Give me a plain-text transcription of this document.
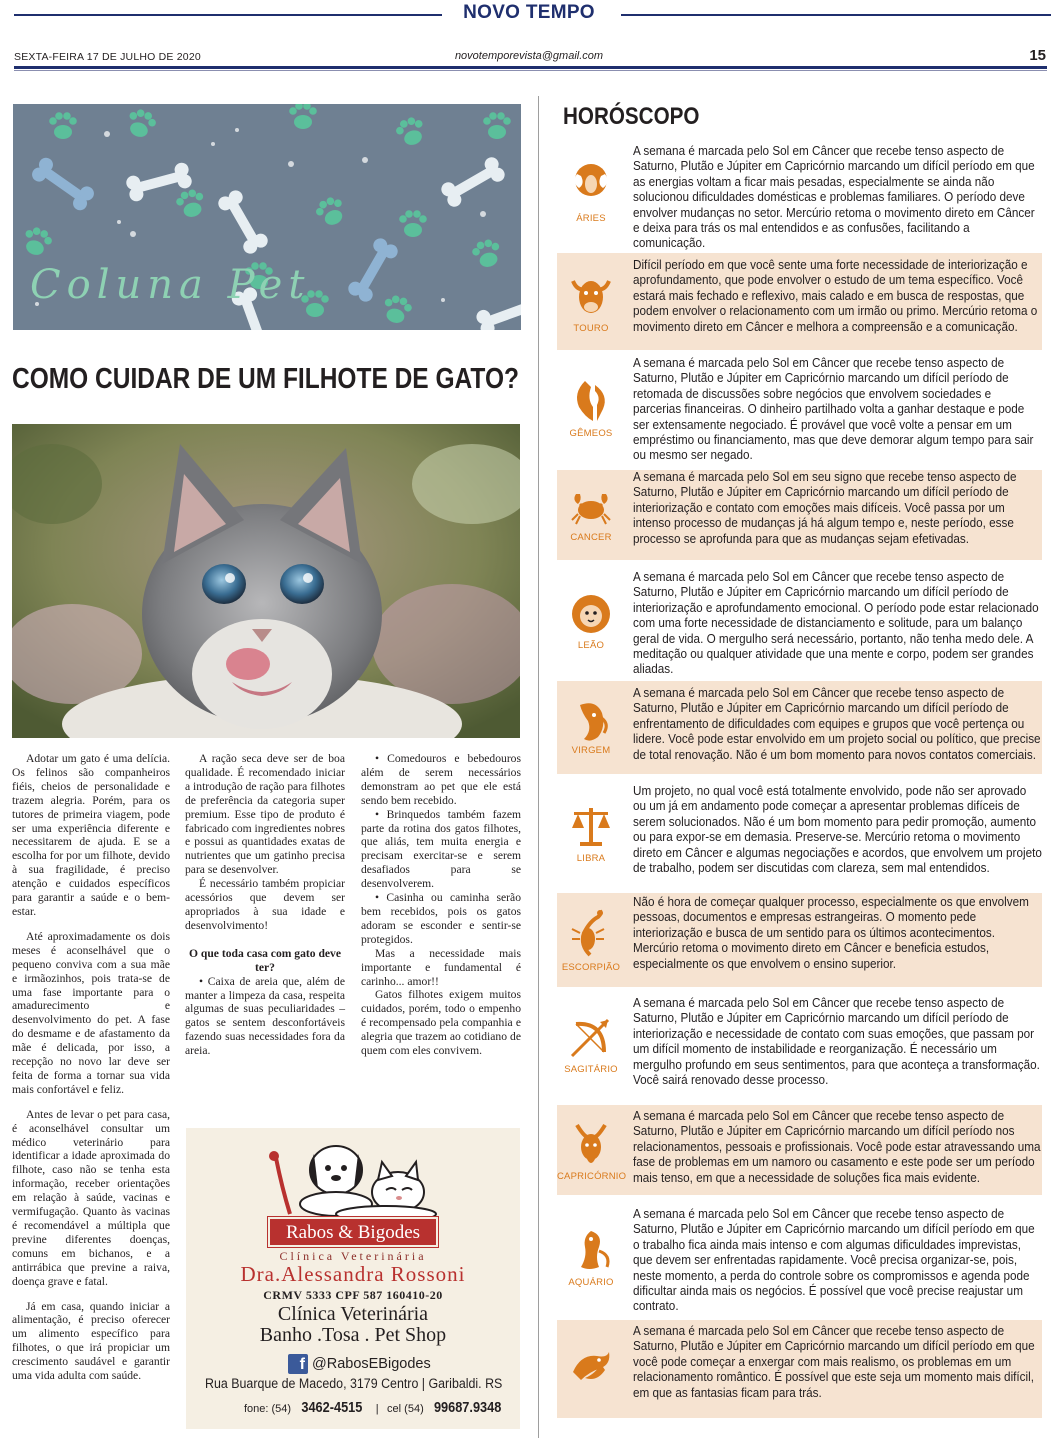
NOVO TEMPO
SEXTA-FEIRA 17 DE JULHO DE 2020	novotemporevista@gmail.com	15
Coluna Pet
COMO CUIDAR DE UM FILHOTE DE GATO?

Adotar um gato é uma delícia. Os felinos são companheiros fiéis, cheios de personalidade e trazem alegria. Porém, para os tutores de primeira viagem, pode ser uma experiência diferente e necessitarem de ajuda. E se a escolha for por um filhote, devido à sua fragilidade, é preciso atenção e cuidados específicos para garantir a saúde e o bem-estar.

Até aproximadamente os dois meses é aconselhável que o pequeno conviva com a sua mãe e irmãozinhos, pois trata-se de uma fase importante para o amadurecimento e desenvolvimento do pet. A fase do desmame e de afastamento da mãe é delicada, por isso, a recepção no novo lar deve ser feita de forma a tornar sua vida mais confortável e feliz.

Antes de levar o pet para casa, é aconselhável consultar um médico veterinário para identificar a idade aproximada do filhote, caso não se tenha esta informação, receber orientações em relação à saúde, vacinas e vermifugação. Quanto às vacinas é recomendável a múltipla que previne diferentes doenças, comuns em bichanos, e a antirrábica que previne a raiva, doença grave e fatal.

Já em casa, quando iniciar a alimentação, é preciso oferecer um alimento específico para filhotes, o que irá propiciar um crescimento saudável e garantir uma vida adulta com saúde.

A ração seca deve ser de boa qualidade. É recomendado iniciar a introdução de ração para filhotes de preferência da categoria super premium. Esse tipo de produto é fabricado com ingredientes nobres e possui as quantidades exatas de nutrientes que um gatinho precisa para se desenvolver.

É necessário também propiciar acessórios que devem ser apropriados à sua idade e desenvolvimento!

O que toda casa com gato deve ter?

• Caixa de areia que, além de manter a limpeza da casa, respeita algumas de suas peculiaridades – gatos se sentem desconfortáveis fazendo suas necessidades fora da areia.

• Comedouros e bebedouros além de serem necessários demonstram ao pet que ele está sendo bem recebido.

• Brinquedos também fazem parte da rotina dos gatos filhotes, que aliás, tem muita energia e precisam exercitar-se e serem desafiados para se desenvolverem.

• Casinha ou caminha serão bem recebidos, pois os gatos adoram se esconder e sentir-se protegidos.

Mas a necessidade mais importante e fundamental é carinho... amor!!

Gatos filhotes exigem muitos cuidados, porém, todo o empenho é recompensado pela companhia e alegria que trazem ao cotidiano de quem com eles convivem.

Rabos & Bigodes
Clínica Veterinária
Dra.Alessandra Rossoni
CRMV 5333 CPF 587 160410-20
Clínica Veterinária
Banho .Tosa . Pet Shop
f @RabosEBigodes
Rua Buarque de Macedo, 3179 Centro | Garibaldi. RS
fone: (54) 3462-4515 | cel (54) 99687.9348
HORÓSCOPO
ÁRIES
A semana é marcada pelo Sol em Câncer que recebe tenso aspecto de Saturno, Plutão e Júpiter em Capricórnio marcando um difícil período em que as energias voltam a ficar mais pesadas, especialmente se ainda não solucionou dificuldades domésticas e problemas familiares. O período deve envolver mudanças no setor. Mercúrio retoma o movimento direto em Câncer e deixa para trás os mal entendidos e as confusões, facilitando a comunicação.
TOURO
Difícil período em que você sente uma forte necessidade de interiorização e aprofundamento, que pode envolver o estudo de um tema específico. Você estará mais fechado e reflexivo, mais calado e em busca de respostas, que podem envolver o relacionamento com um irmão ou primo. Mercúrio retoma o movimento direto em Câncer e melhora a compreensão e a comunicação.
GÊMEOS
A semana é marcada pelo Sol em Câncer que recebe tenso aspecto de Saturno, Plutão e Júpiter em Capricórnio marcando um difícil período de retomada de discussões sobre negócios que envolvem sociedades e parcerias financeiras. O dinheiro partilhado volta a ganhar destaque e pode ser extensamente negociado. É provável que você volte a pensar em um empréstimo ou financiamento, mas que deve demorar algum tempo para sair ou mesmo ser negado.
CANCER
A semana é marcada pelo Sol em seu signo que recebe tenso aspecto de Saturno, Plutão e Júpiter em Capricórnio marcando um difícil período de interiorização e contato com emoções mais difíceis. Você passa por um intenso processo de mudanças já há algum tempo e, neste período, esse processo se aprofunda para que as mudanças sejam efetivadas.
LEÃO
A semana é marcada pelo Sol em Câncer que recebe tenso aspecto de Saturno, Plutão e Júpiter em Capricórnio marcando um difícil período de interiorização e aprofundamento emocional. O período pode estar relacionado com uma forte necessidade de distanciamento e solitude, para um balanço geral de vida. O mergulho será necessário, portanto, não tenha medo dele. A meditação ou qualquer atividade que una mente e corpo, podem ser grandes aliadas.
VIRGEM
A semana é marcada pelo Sol em Câncer que recebe tenso aspecto de Saturno, Plutão e Júpiter em Capricórnio marcando um difícil período de enfrentamento de dificuldades com equipes e grupos que você pertença ou lidere. Você pode estar envolvido em um projeto social ou político, que precise de total renovação. Não é um bom momento para novos contatos comerciais.
LIBRA
Um projeto, no qual você está totalmente envolvido, pode não ser aprovado ou um já em andamento pode começar a apresentar problemas difíceis de serem solucionados. Não é um bom momento para pedir promoção, aumento ou para expor-se em demasia. Preserve-se. Mercúrio retoma o movimento direto em Câncer e algumas negociações e acordos, que envolvem um projeto de trabalho, podem ser discutidas com clareza, sem mal entendidos.
ESCORPIÃO
Não é hora de começar qualquer processo, especialmente os que envolvem pessoas, documentos e empresas estrangeiras. O momento pede interiorização e busca de um sentido para os últimos acontecimentos. Mercúrio retoma o movimento direto em Câncer e beneficia estudos, especialmente os que envolvem o ensino superior.
SAGITÁRIO
A semana é marcada pelo Sol em Câncer que recebe tenso aspecto de Saturno, Plutão e Júpiter em Capricórnio marcando um difícil período de interiorização e necessidade de contato com suas emoções, que passam por um difícil momento de instabilidade e reorganização. É necessário um mergulho profundo em seus sentimentos, para que aconteça a transformação. Você sairá renovado desse processo.
CAPRICÓRNIO
A semana é marcada pelo Sol em Câncer que recebe tenso aspecto de Saturno, Plutão e Júpiter em Capricórnio marcando um difícil período nos relacionamentos, pessoais e profissionais. Você pode estar atravessando uma fase de problemas em um namoro ou casamento e este pode ser um período mais tenso, em que a necessidade de soluções fica mais evidente.
AQUÁRIO
A semana é marcada pelo Sol em Câncer que recebe tenso aspecto de Saturno, Plutão e Júpiter em Capricórnio marcando um difícil período em que o trabalho fica ainda mais intenso e com algumas dificuldades imprevistas, que devem ser enfrentadas rapidamente. Você precisa organizar-se, pois, neste momento, a perda do controle sobre os compromissos e agenda pode dificultar ainda mais os negócios. É possível que você precise reajustar um contrato.
A semana é marcada pelo Sol em Câncer que recebe tenso aspecto de Saturno, Plutão e Júpiter em Capricórnio marcando um difícil período em que você pode começar a enxergar com mais realismo, os problemas em um relacionamento romântico. É possível que este seja um momento mais difícil, em que as fantasias ficam para trás.
